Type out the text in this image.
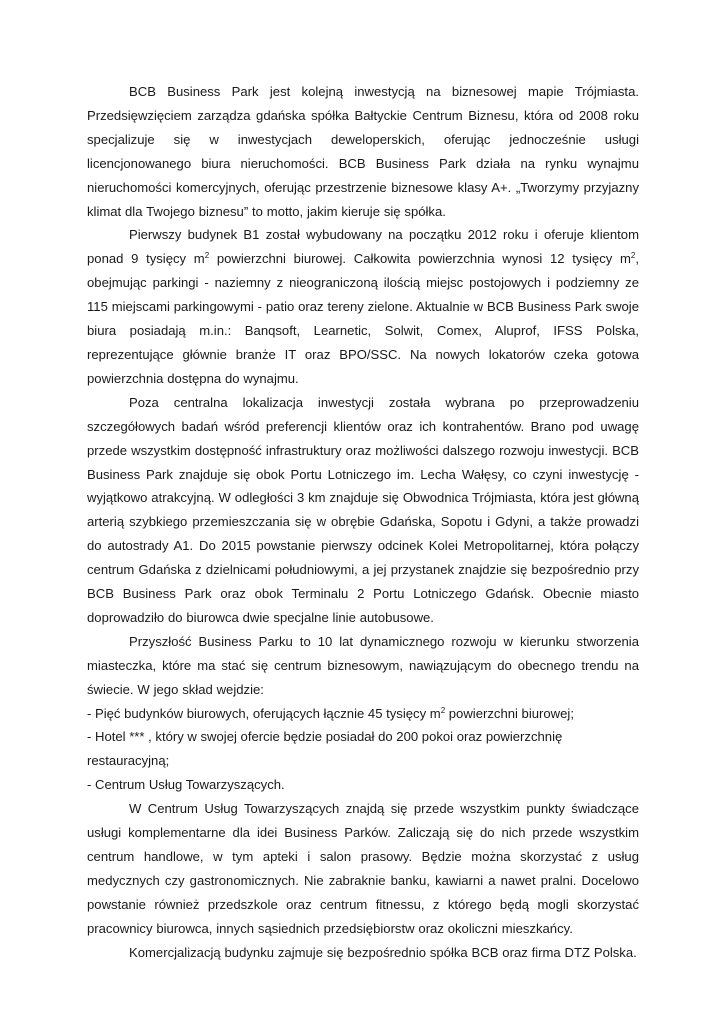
BCB Business Park jest kolejną inwestycją na biznesowej mapie Trójmiasta. Przedsięwzięciem zarządza gdańska spółka Bałtyckie Centrum Biznesu, która od 2008 roku specjalizuje się w inwestycjach deweloperskich, oferując jednocześnie usługi licencjonowanego biura nieruchomości. BCB Business Park działa na rynku wynajmu nieruchomości komercyjnych, oferując przestrzenie biznesowe klasy A+. „Tworzymy przyjazny klimat dla Twojego biznesu” to motto, jakim kieruje się spółka.

Pierwszy budynek B1 został wybudowany na początku 2012 roku i oferuje klientom ponad 9 tysięcy $m^2$ powierzchni biurowej. Całkowita powierzchnia wynosi 12 tysięcy $m^2$, obejmując parkingi - naziemny z nieograniczoną ilością miejsc postojowych i podziemny ze 115 miejscami parkingowymi - patio oraz tereny zielone. Aktualnie w BCB Business Park swoje biura posiadają m.in.: Banqsoft, Learnetic, Solwit, Comex, Aluprof, IFSS Polska, reprezentujące głównie branże IT oraz BPO/SSC. Na nowych lokatorów czeka gotowa powierzchnia dostępna do wynajmu.

Poza centralna lokalizacja inwestycji została wybrana po przeprowadzeniu szczegółowych badań wśród preferencji klientów oraz ich kontrahentów. Brano pod uwagę przede wszystkim dostępność infrastruktury oraz możliwości dalszego rozwoju inwestycji. BCB Business Park znajduje się obok Portu Lotniczego im. Lecha Wałęsy, co czyni inwestycję - wyjątkowo atrakcyjną. W odległości 3 km znajduje się Obwodnica Trójmiasta, która jest główną arterią szybkiego przemieszczania się w obrębie Gdańska, Sopotu i Gdyni, a także prowadzi do autostrady A1. Do 2015 powstanie pierwszy odcinek Kolei Metropolitarnej, która połączy centrum Gdańska z dzielnicami południowymi, a jej przystanek znajdzie się bezpośrednio przy BCB Business Park oraz obok Terminalu 2 Portu Lotniczego Gdańsk. Obecnie miasto doprowadziło do biurowca dwie specjalne linie autobusowe.

Przyszłość Business Parku to 10 lat dynamicznego rozwoju w kierunku stworzenia miasteczka, które ma stać się centrum biznesowym, nawiązującym do obecnego trendu na świecie. W jego skład wejdzie:

- Pięć budynków biurowych, oferujących łącznie 45 tysięcy $m^2$ powierzchni biurowej;

- Hotel *** , który w swojej ofercie będzie posiadał do 200 pokoi oraz powierzchnię restauracyjną;

- Centrum Usług Towarzyszących.

W Centrum Usług Towarzyszących znajdą się przede wszystkim punkty świadczące usługi komplementarne dla idei Business Parków. Zaliczają się do nich przede wszystkim centrum handlowe, w tym apteki i salon prasowy. Będzie można skorzystać z usług medycznych czy gastronomicznych. Nie zabraknie banku, kawiarni a nawet pralni. Docelowo powstanie również przedszkole oraz centrum fitnessu, z którego będą mogli skorzystać pracownicy biurowca, innych sąsiednich przedsiębiorstw oraz okoliczni mieszkańcy.

Komercjalizacją budynku zajmuje się bezpośrednio spółka BCB oraz firma DTZ Polska.
